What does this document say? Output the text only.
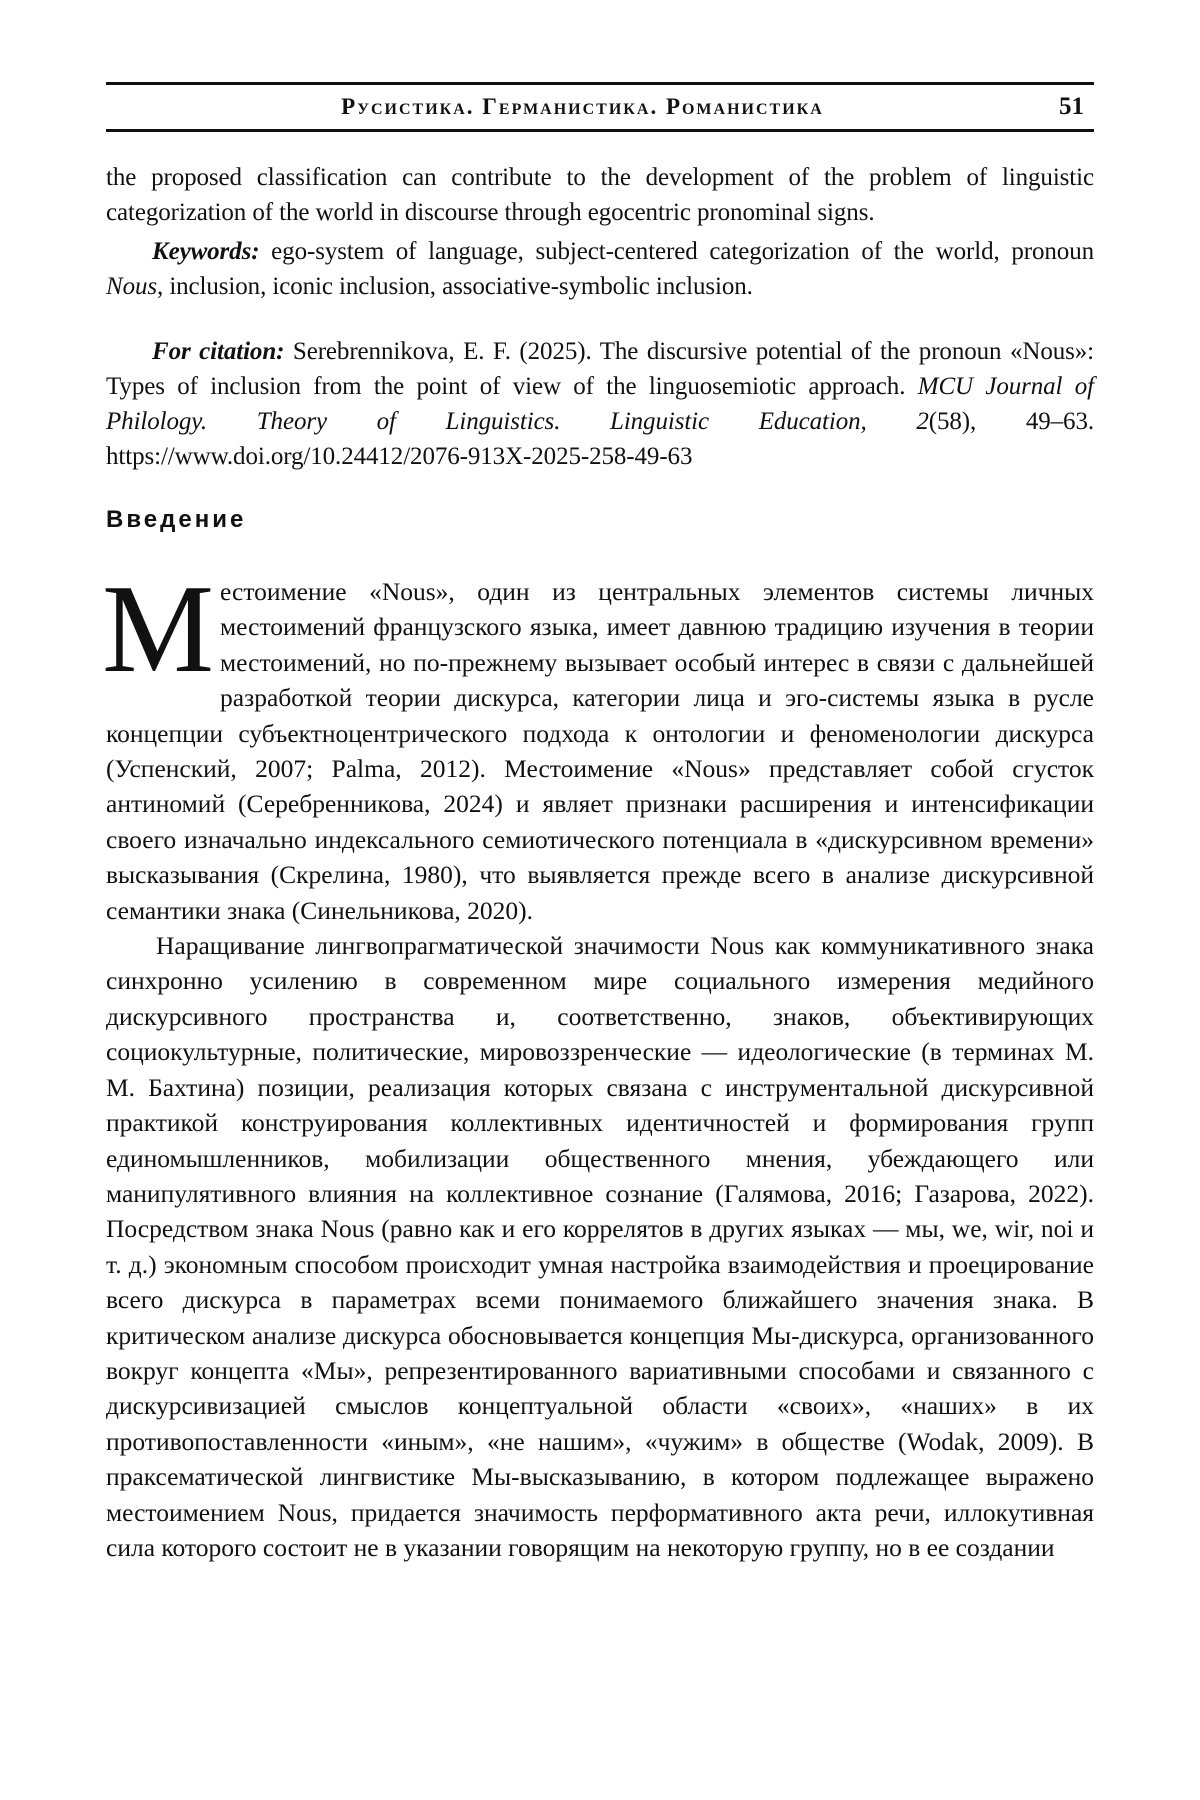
Русистика. Германистика. Романистика	51

the proposed classification can contribute to the development of the problem of linguistic categorization of the world in discourse through egocentric pronominal signs.

Keywords: ego-system of language, subject-centered categorization of the world, pronoun Nous, inclusion, iconic inclusion, associative-symbolic inclusion.

For citation: Serebrennikova, E. F. (2025). The discursive potential of the pronoun «Nous»: Types of inclusion from the point of view of the linguosemiotic approach. MCU Journal of Philology. Theory of Linguistics. Linguistic Education, 2(58), 49–63. https://www.doi.org/10.24412/2076-913X-2025-258-49-63

Введение

Местоимение «Nous», один из центральных элементов системы личных местоимений французского языка, имеет давнюю традицию изучения в теории местоимений, но по-прежнему вызывает особый интерес в связи с дальнейшей разработкой теории дискурса, категории лица и эго-системы языка в русле концепции субъектноцентрического подхода к онтологии и феноменологии дискурса (Успенский, 2007; Palma, 2012). Местоимение «Nous» представляет собой сгусток антиномий (Серебренникова, 2024) и являет признаки расширения и интенсификации своего изначально индексального семиотического потенциала в «дискурсивном времени» высказывания (Скрелина, 1980), что выявляется прежде всего в анализе дискурсивной семантики знака (Синельникова, 2020).

Наращивание лингвопрагматической значимости Nous как коммуникативного знака синхронно усилению в современном мире социального измерения медийного дискурсивного пространства и, соответственно, знаков, объективирующих социокультурные, политические, мировоззренческие — идеологические (в терминах М. М. Бахтина) позиции, реализация которых связана с инструментальной дискурсивной практикой конструирования коллективных идентичностей и формирования групп единомышленников, мобилизации общественного мнения, убеждающего или манипулятивного влияния на коллективное сознание (Галямова, 2016; Газарова, 2022). Посредством знака Nous (равно как и его коррелятов в других языках — мы, we, wir, noi и т. д.) экономным способом происходит умная настройка взаимодействия и проецирование всего дискурса в параметрах всеми понимаемого ближайшего значения знака. В критическом анализе дискурса обосновывается концепция Мы-дискурса, организованного вокруг концепта «Мы», репрезентированного вариативными способами и связанного с дискурсивизацией смыслов концептуальной области «своих», «наших» в их противопоставленности «иным», «не нашим», «чужим» в обществе (Wodak, 2009). В праксематической лингвистике Мы-высказыванию, в котором подлежащее выражено местоимением Nous, придается значимость перформативного акта речи, иллокутивная сила которого состоит не в указании говорящим на некоторую группу, но в ее создании
